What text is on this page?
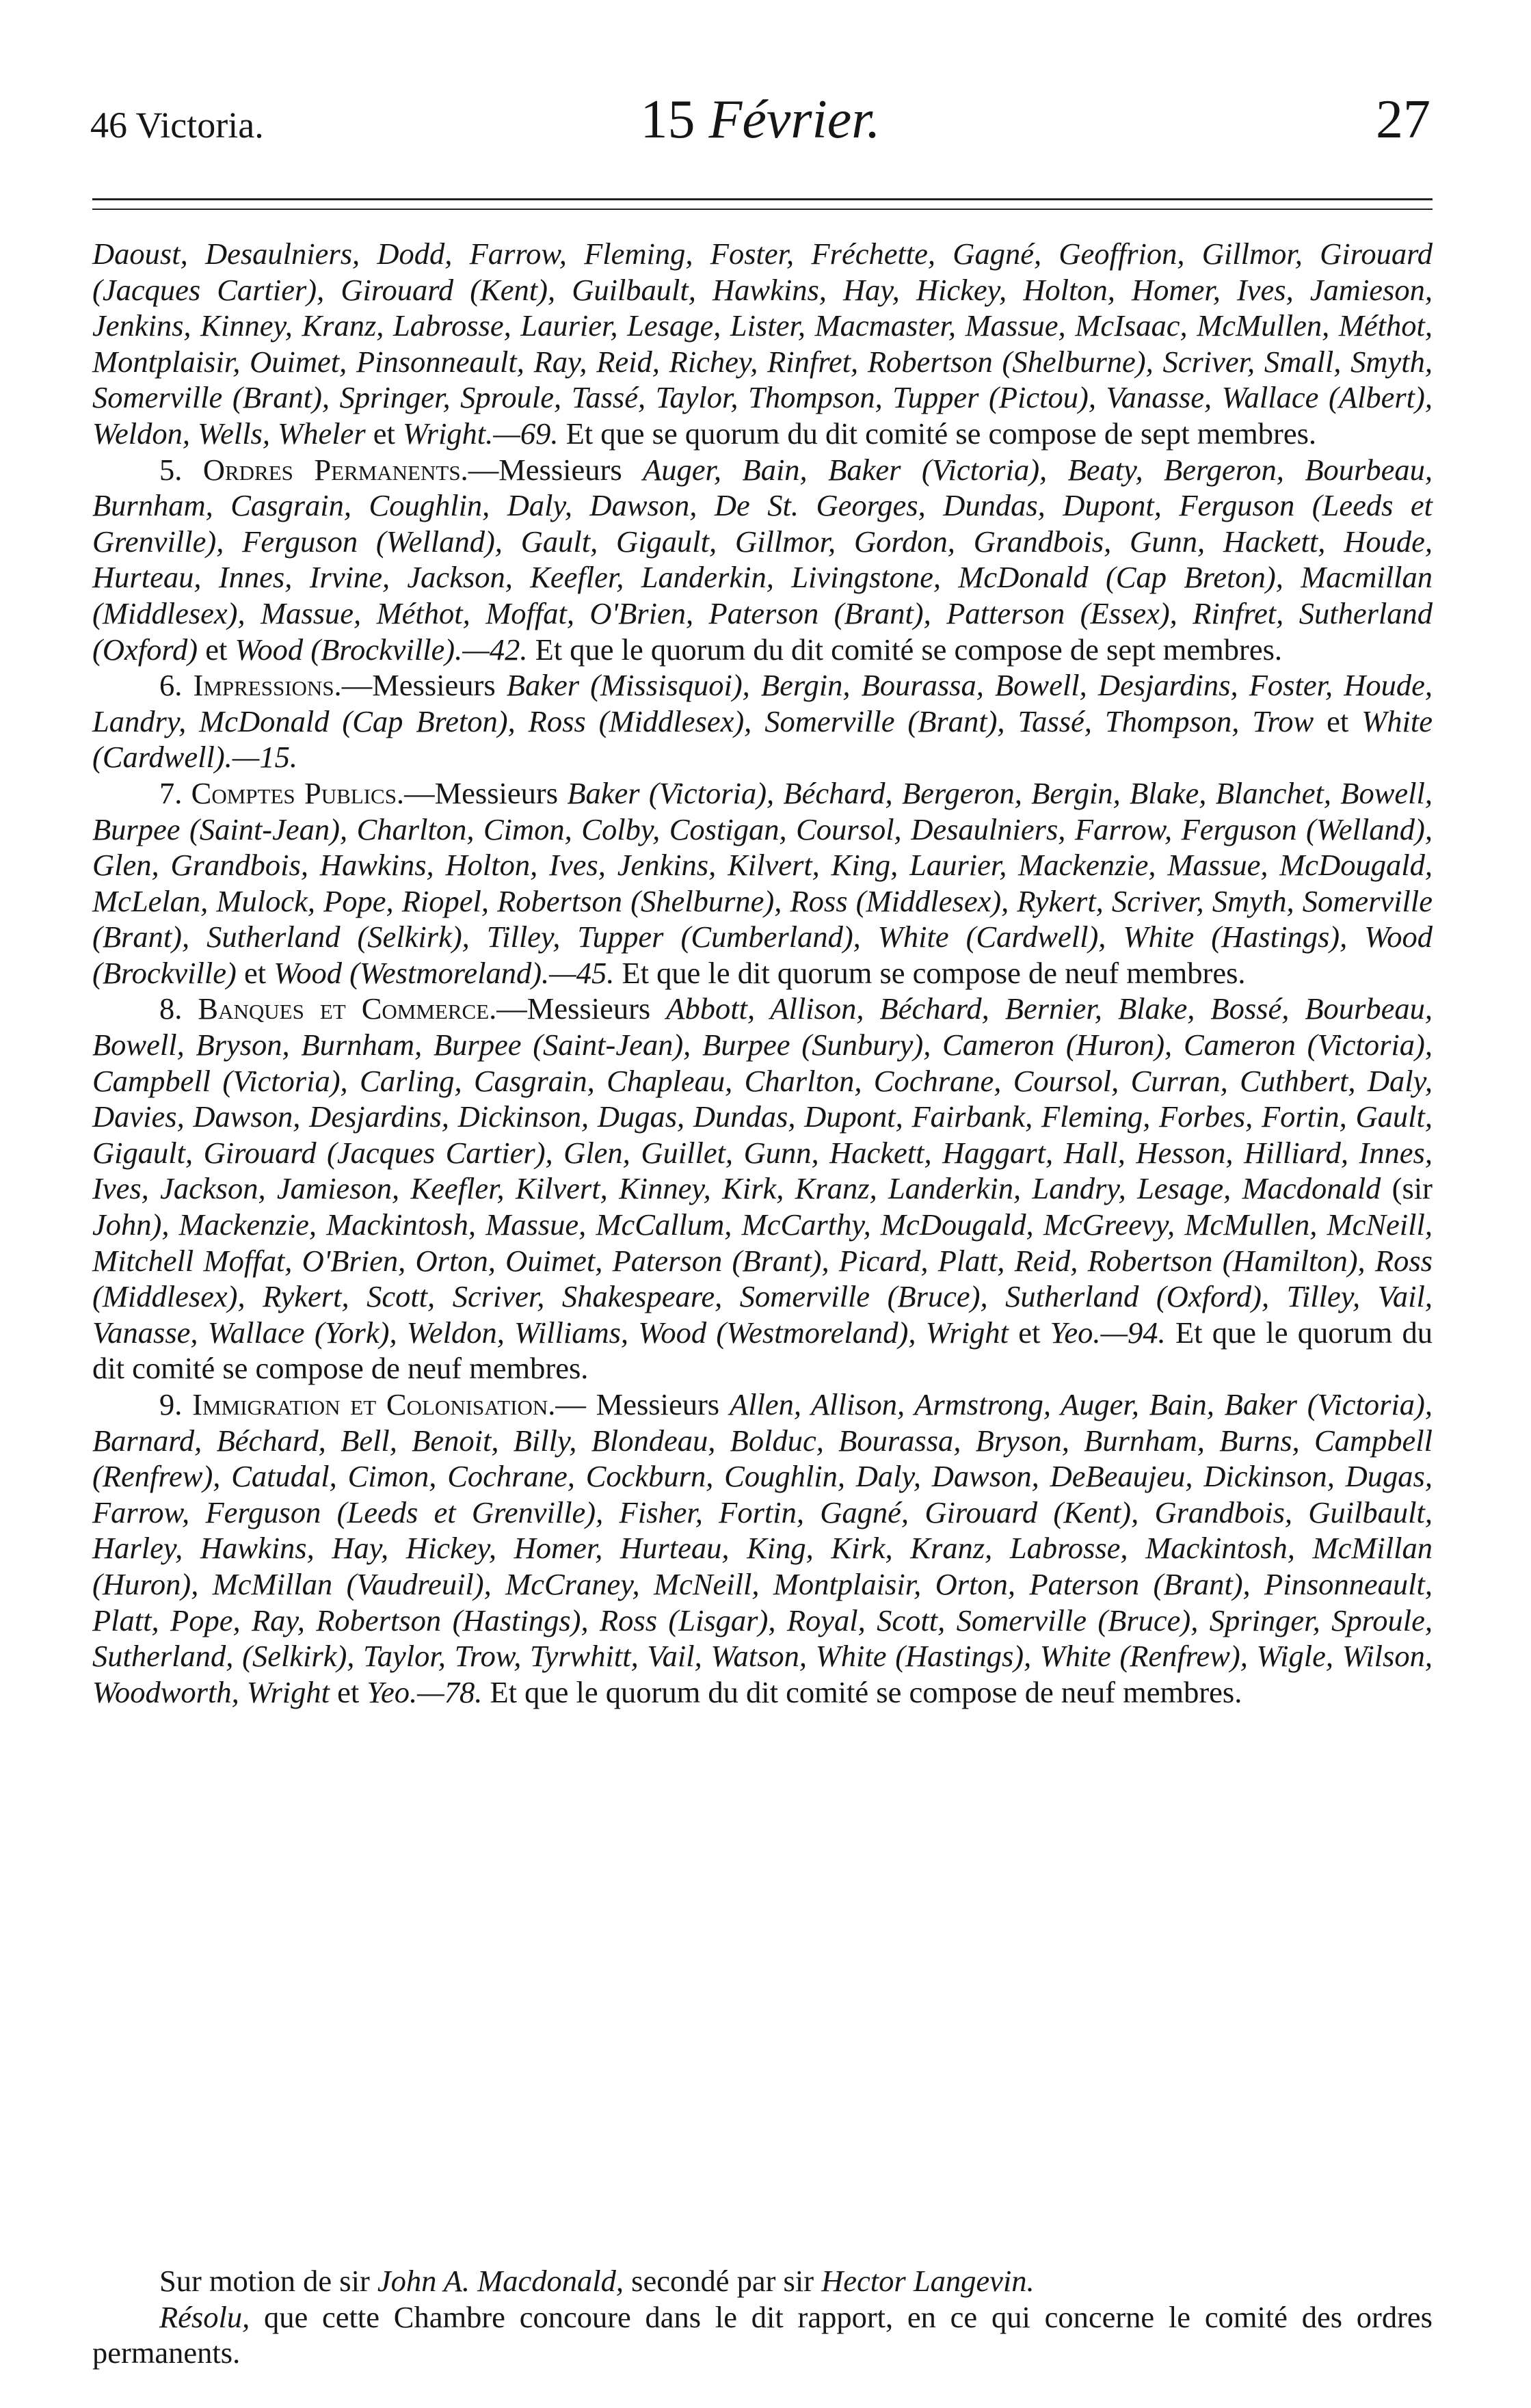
46 Victoria.	15 Février.	27

Daoust, Desaulniers, Dodd, Farrow, Fleming, Foster, Fréchette, Gagné, Geoffrion, Gillmor, Girouard (Jacques Cartier), Girouard (Kent), Guilbault, Hawkins, Hay, Hickey, Holton, Homer, Ives, Jamieson, Jenkins, Kinney, Kranz, Labrosse, Laurier, Lesage, Lister, Macmaster, Massue, McIsaac, McMullen, Méthot, Montplaisir, Ouimet, Pinsonneault, Ray, Reid, Richey, Rinfret, Robertson (Shelburne), Scriver, Small, Smyth, Somerville (Brant), Springer, Sproule, Tassé, Taylor, Thompson, Tupper (Pictou), Vanasse, Wallace (Albert), Weldon, Wells, Wheler et Wright.—69. Et que se quorum du dit comité se compose de sept membres.

5. Ordres Permanents.—Messieurs Auger, Bain, Baker (Victoria), Beaty, Bergeron, Bourbeau, Burnham, Casgrain, Coughlin, Daly, Dawson, De St. Georges, Dundas, Dupont, Ferguson (Leeds et Grenville), Ferguson (Welland), Gault, Gigault, Gillmor, Gordon, Grandbois, Gunn, Hackett, Houde, Hurteau, Innes, Irvine, Jackson, Keefler, Landerkin, Livingstone, McDonald (Cap Breton), Macmillan (Middlesex), Massue, Méthot, Moffat, O'Brien, Paterson (Brant), Patterson (Essex), Rinfret, Sutherland (Oxford) et Wood (Brockville).—42. Et que le quorum du dit comité se compose de sept membres.

6. Impressions.—Messieurs Baker (Missisquoi), Bergin, Bourassa, Bowell, Desjardins, Foster, Houde, Landry, McDonald (Cap Breton), Ross (Middlesex), Somerville (Brant), Tassé, Thompson, Trow et White (Cardwell).—15.

7. Comptes Publics.—Messieurs Baker (Victoria), Béchard, Bergeron, Bergin, Blake, Blanchet, Bowell, Burpee (Saint-Jean), Charlton, Cimon, Colby, Costigan, Coursol, Desaulniers, Farrow, Ferguson (Welland), Glen, Grandbois, Hawkins, Holton, Ives, Jenkins, Kilvert, King, Laurier, Mackenzie, Massue, McDougald, McLelan, Mulock, Pope, Riopel, Robertson (Shelburne), Ross (Middlesex), Rykert, Scriver, Smyth, Somerville (Brant), Sutherland (Selkirk), Tilley, Tupper (Cumberland), White (Cardwell), White (Hastings), Wood (Brockville) et Wood (Westmoreland).—45. Et que le dit quorum se compose de neuf membres.

8. Banques et Commerce.—Messieurs Abbott, Allison, Béchard, Bernier, Blake, Bossé, Bourbeau, Bowell, Bryson, Burnham, Burpee (Saint-Jean), Burpee (Sunbury), Cameron (Huron), Cameron (Victoria), Campbell (Victoria), Carling, Casgrain, Chapleau, Charlton, Cochrane, Coursol, Curran, Cuthbert, Daly, Davies, Dawson, Desjardins, Dickinson, Dugas, Dundas, Dupont, Fairbank, Fleming, Forbes, Fortin, Gault, Gigault, Girouard (Jacques Cartier), Glen, Guillet, Gunn, Hackett, Haggart, Hall, Hesson, Hilliard, Innes, Ives, Jackson, Jamieson, Keefler, Kilvert, Kinney, Kirk, Kranz, Landerkin, Landry, Lesage, Macdonald (sir John), Mackenzie, Mackintosh, Massue, McCallum, McCarthy, McDougald, McGreevy, McMullen, McNeill, Mitchell Moffat, O'Brien, Orton, Ouimet, Paterson (Brant), Picard, Platt, Reid, Robertson (Hamilton), Ross (Middlesex), Rykert, Scott, Scriver, Shakespeare, Somerville (Bruce), Sutherland (Oxford), Tilley, Vail, Vanasse, Wallace (York), Weldon, Williams, Wood (Westmoreland), Wright et Yeo.—94. Et que le quorum du dit comité se compose de neuf membres.

9. Immigration et Colonisation.— Messieurs Allen, Allison, Armstrong, Auger, Bain, Baker (Victoria), Barnard, Béchard, Bell, Benoit, Billy, Blondeau, Bolduc, Bourassa, Bryson, Burnham, Burns, Campbell (Renfrew), Catudal, Cimon, Cochrane, Cockburn, Coughlin, Daly, Dawson, DeBeaujeu, Dickinson, Dugas, Farrow, Ferguson (Leeds et Grenville), Fisher, Fortin, Gagné, Girouard (Kent), Grandbois, Guilbault, Harley, Hawkins, Hay, Hickey, Homer, Hurteau, King, Kirk, Kranz, Labrosse, Mackintosh, McMillan (Huron), McMillan (Vaudreuil), McCraney, McNeill, Montplaisir, Orton, Paterson (Brant), Pinsonneault, Platt, Pope, Ray, Robertson (Hastings), Ross (Lisgar), Royal, Scott, Somerville (Bruce), Springer, Sproule, Sutherland, (Selkirk), Taylor, Trow, Tyrwhitt, Vail, Watson, White (Hastings), White (Renfrew), Wigle, Wilson, Woodworth, Wright et Yeo.—78. Et que le quorum du dit comité se compose de neuf membres.

Sur motion de sir John A. Macdonald, secondé par sir Hector Langevin.

Résolu, que cette Chambre concoure dans le dit rapport, en ce qui concerne le comité des ordres permanents.
